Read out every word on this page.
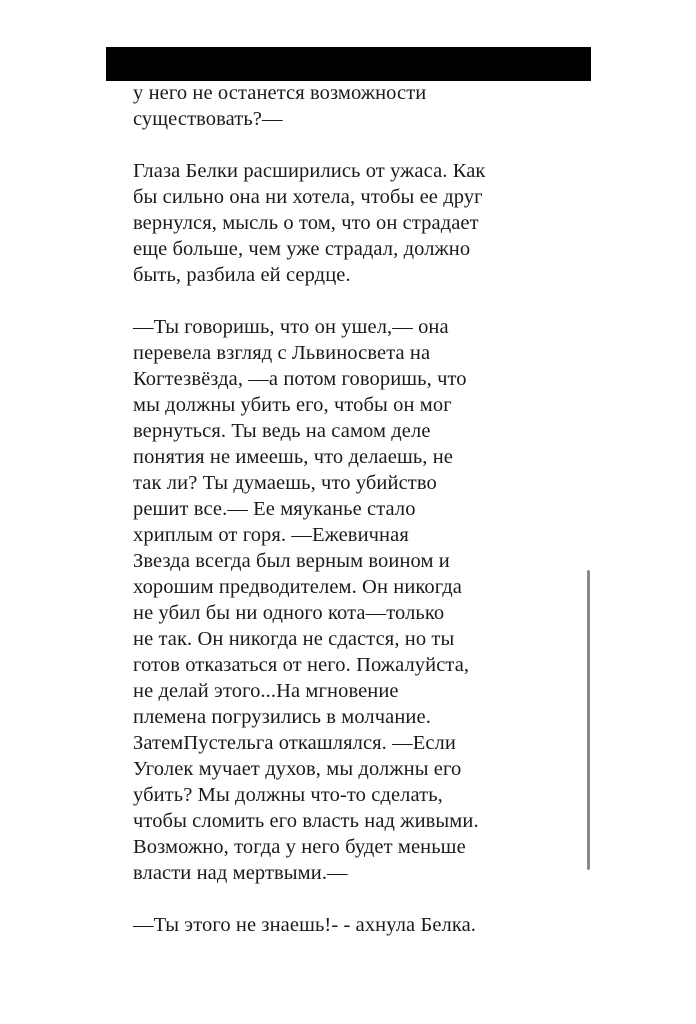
у него не останется возможности
существовать?—
Глаза Белки расширились от ужаса. Как
бы сильно она ни хотела, чтобы ее друг
вернулся, мысль о том, что он страдает
еще больше, чем уже страдал, должно
быть, разбила ей сердце.
—Ты говоришь, что он ушел,— она
перевела взгляд с Львиносвета на
Когтезвёзда, —а потом говоришь, что
мы должны убить его, чтобы он мог
вернуться. Ты ведь на самом деле
понятия не имеешь, что делаешь, не
так ли? Ты думаешь, что убийство
решит все.— Ее мяуканье стало
хриплым от горя. —Ежевичная
Звезда всегда был верным воином и
хорошим предводителем. Он никогда
не убил бы ни одного кота—только
не так. Он никогда не сдастся, но ты
готов отказаться от него. Пожалуйста,
не делай этого...На мгновение
племена погрузились в молчание.
ЗатемПустельга откашлялся. —Если
Уголек мучает духов, мы должны его
убить? Мы должны что-то сделать,
чтобы сломить его власть над живыми.
Возможно, тогда у него будет меньше
власти над мертвыми.—
—Ты этого не знаешь!- - ахнула Белка.
